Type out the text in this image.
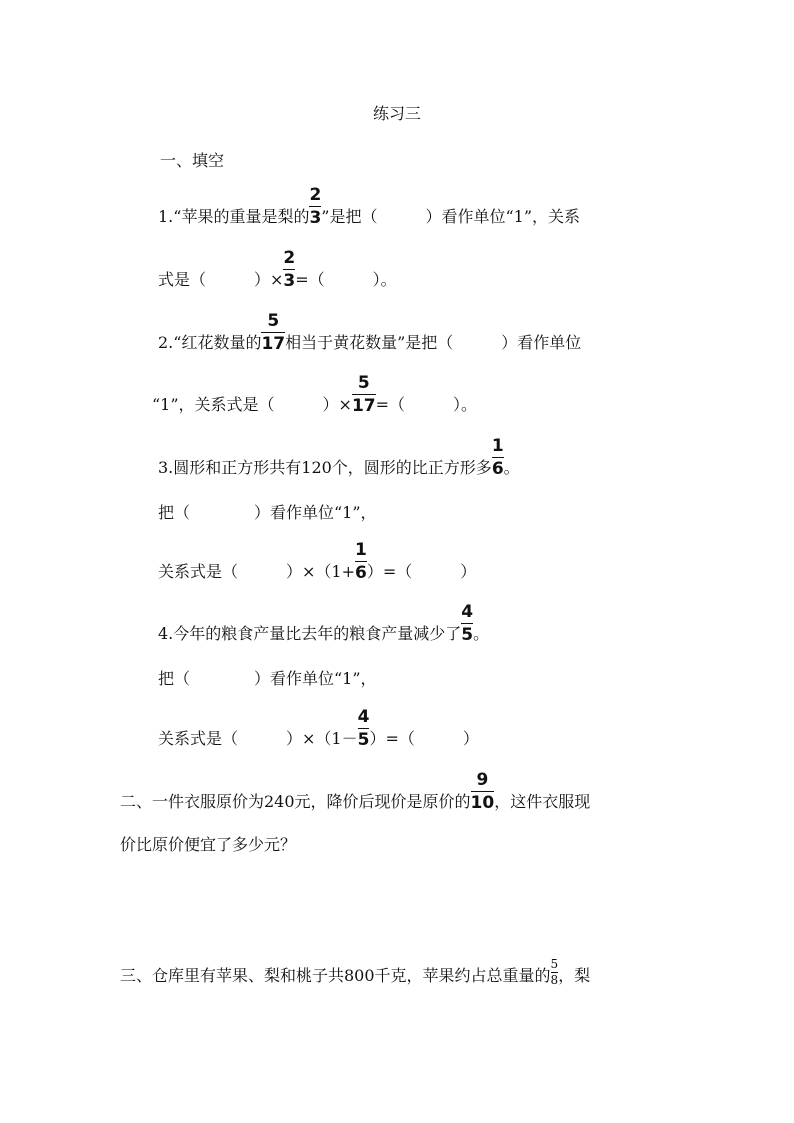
练习三
一、填空
1.“苹果的重量是梨的 $\frac{2}{3}$ ”是把（　　　）看作单位“1”，关系
式是（　　　）× $\frac{2}{3}$ =（　　　）。
2.“红花数量的 $\frac{5}{17}$ 相当于黄花数量”是把（　　　）看作单位
“1”，关系式是（　　　）× $\frac{5}{17}$ =（　　　）。
3.圆形和正方形共有120个，圆形的比正方形多 $\frac{1}{6}$ 。
把（　　　　）看作单位“1”，
关系式是（　　　）$\times(1+ \frac{1}{6}$ ）=（　　　）
4.今年的粮食产量比去年的粮食产量减少了 $\frac{4}{5}$ 。
把（　　　　）看作单位“1”，
关系式是（　　　）$\times(1- \frac{4}{5}$ ）=（　　　）
二、一件衣服原价为240元，降价后现价是原价的 $\frac{9}{10}$ ，这件衣服现
价比原价便宜了多少元？
三、仓库里有苹果、梨和桃子共800千克，苹果约占总重量的 $\frac{5}{8}$ ，梨
